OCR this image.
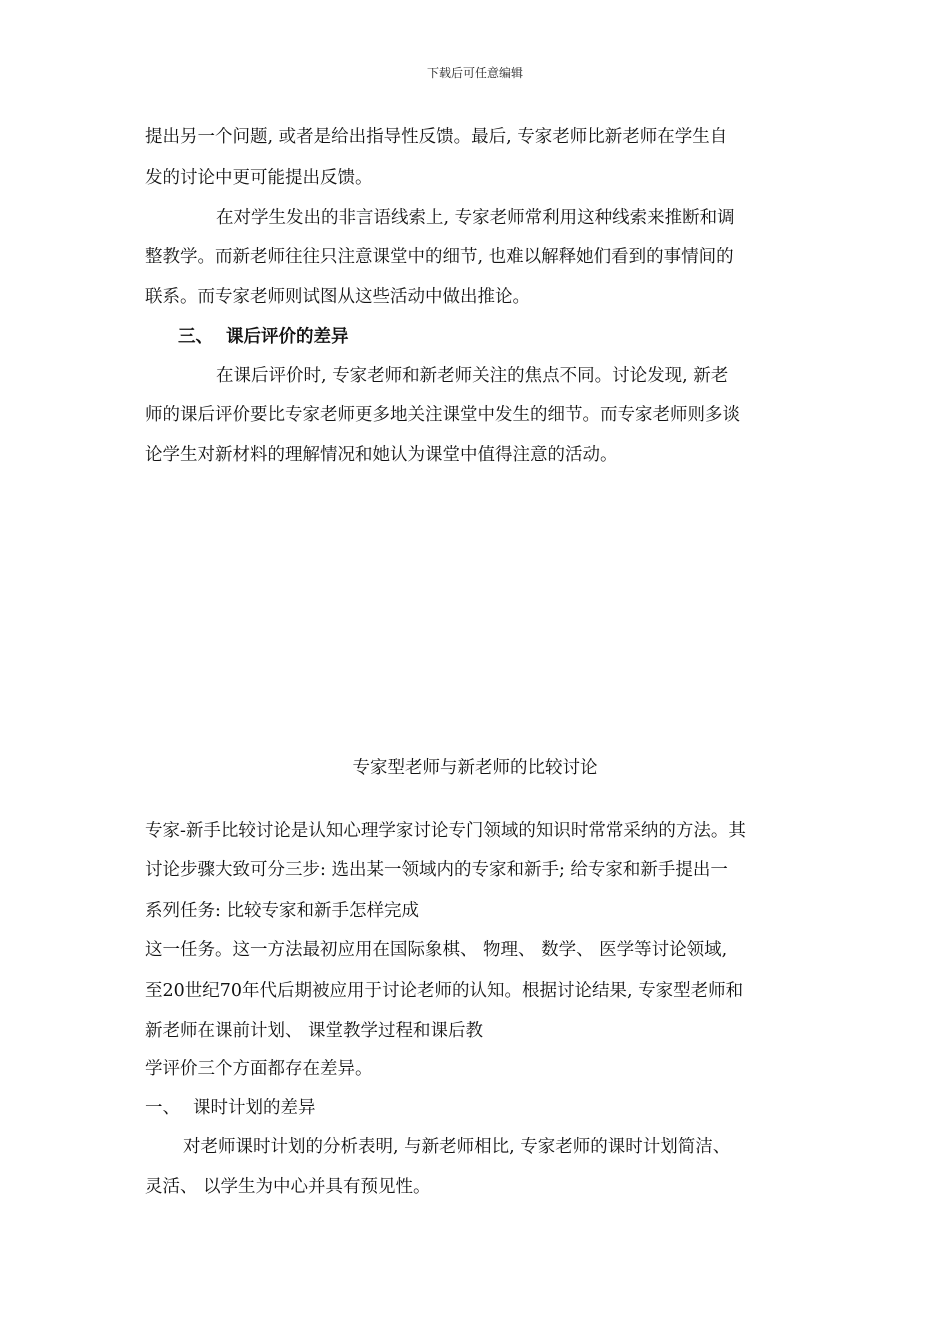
下载后可任意编辑
提出另一个问题, 或者是给出指导性反馈。最后, 专家老师比新老师在学生自
发的讨论中更可能提出反馈。
在对学生发出的非言语线索上, 专家老师常利用这种线索来推断和调
整教学。而新老师往往只注意课堂中的细节, 也难以解释她们看到的事情间的
联系。而专家老师则试图从这些活动中做出推论。
三、 课后评价的差异
在课后评价时, 专家老师和新老师关注的焦点不同。讨论发现, 新老
师的课后评价要比专家老师更多地关注课堂中发生的细节。而专家老师则多谈
论学生对新材料的理解情况和她认为课堂中值得注意的活动。
专家型老师与新老师的比较讨论
专家-新手比较讨论是认知心理学家讨论专门领域的知识时常常采纳的方法。其
讨论步骤大致可分三步: 选出某一领域内的专家和新手; 给专家和新手提出一
系列任务: 比较专家和新手怎样完成
这一任务。这一方法最初应用在国际象棋、 物理、 数学、 医学等讨论领域,
至20世纪70年代后期被应用于讨论老师的认知。根据讨论结果, 专家型老师和
新老师在课前计划、 课堂教学过程和课后教
学评价三个方面都存在差异。
一、 课时计划的差异
对老师课时计划的分析表明, 与新老师相比, 专家老师的课时计划简洁、
灵活、 以学生为中心并具有预见性。
